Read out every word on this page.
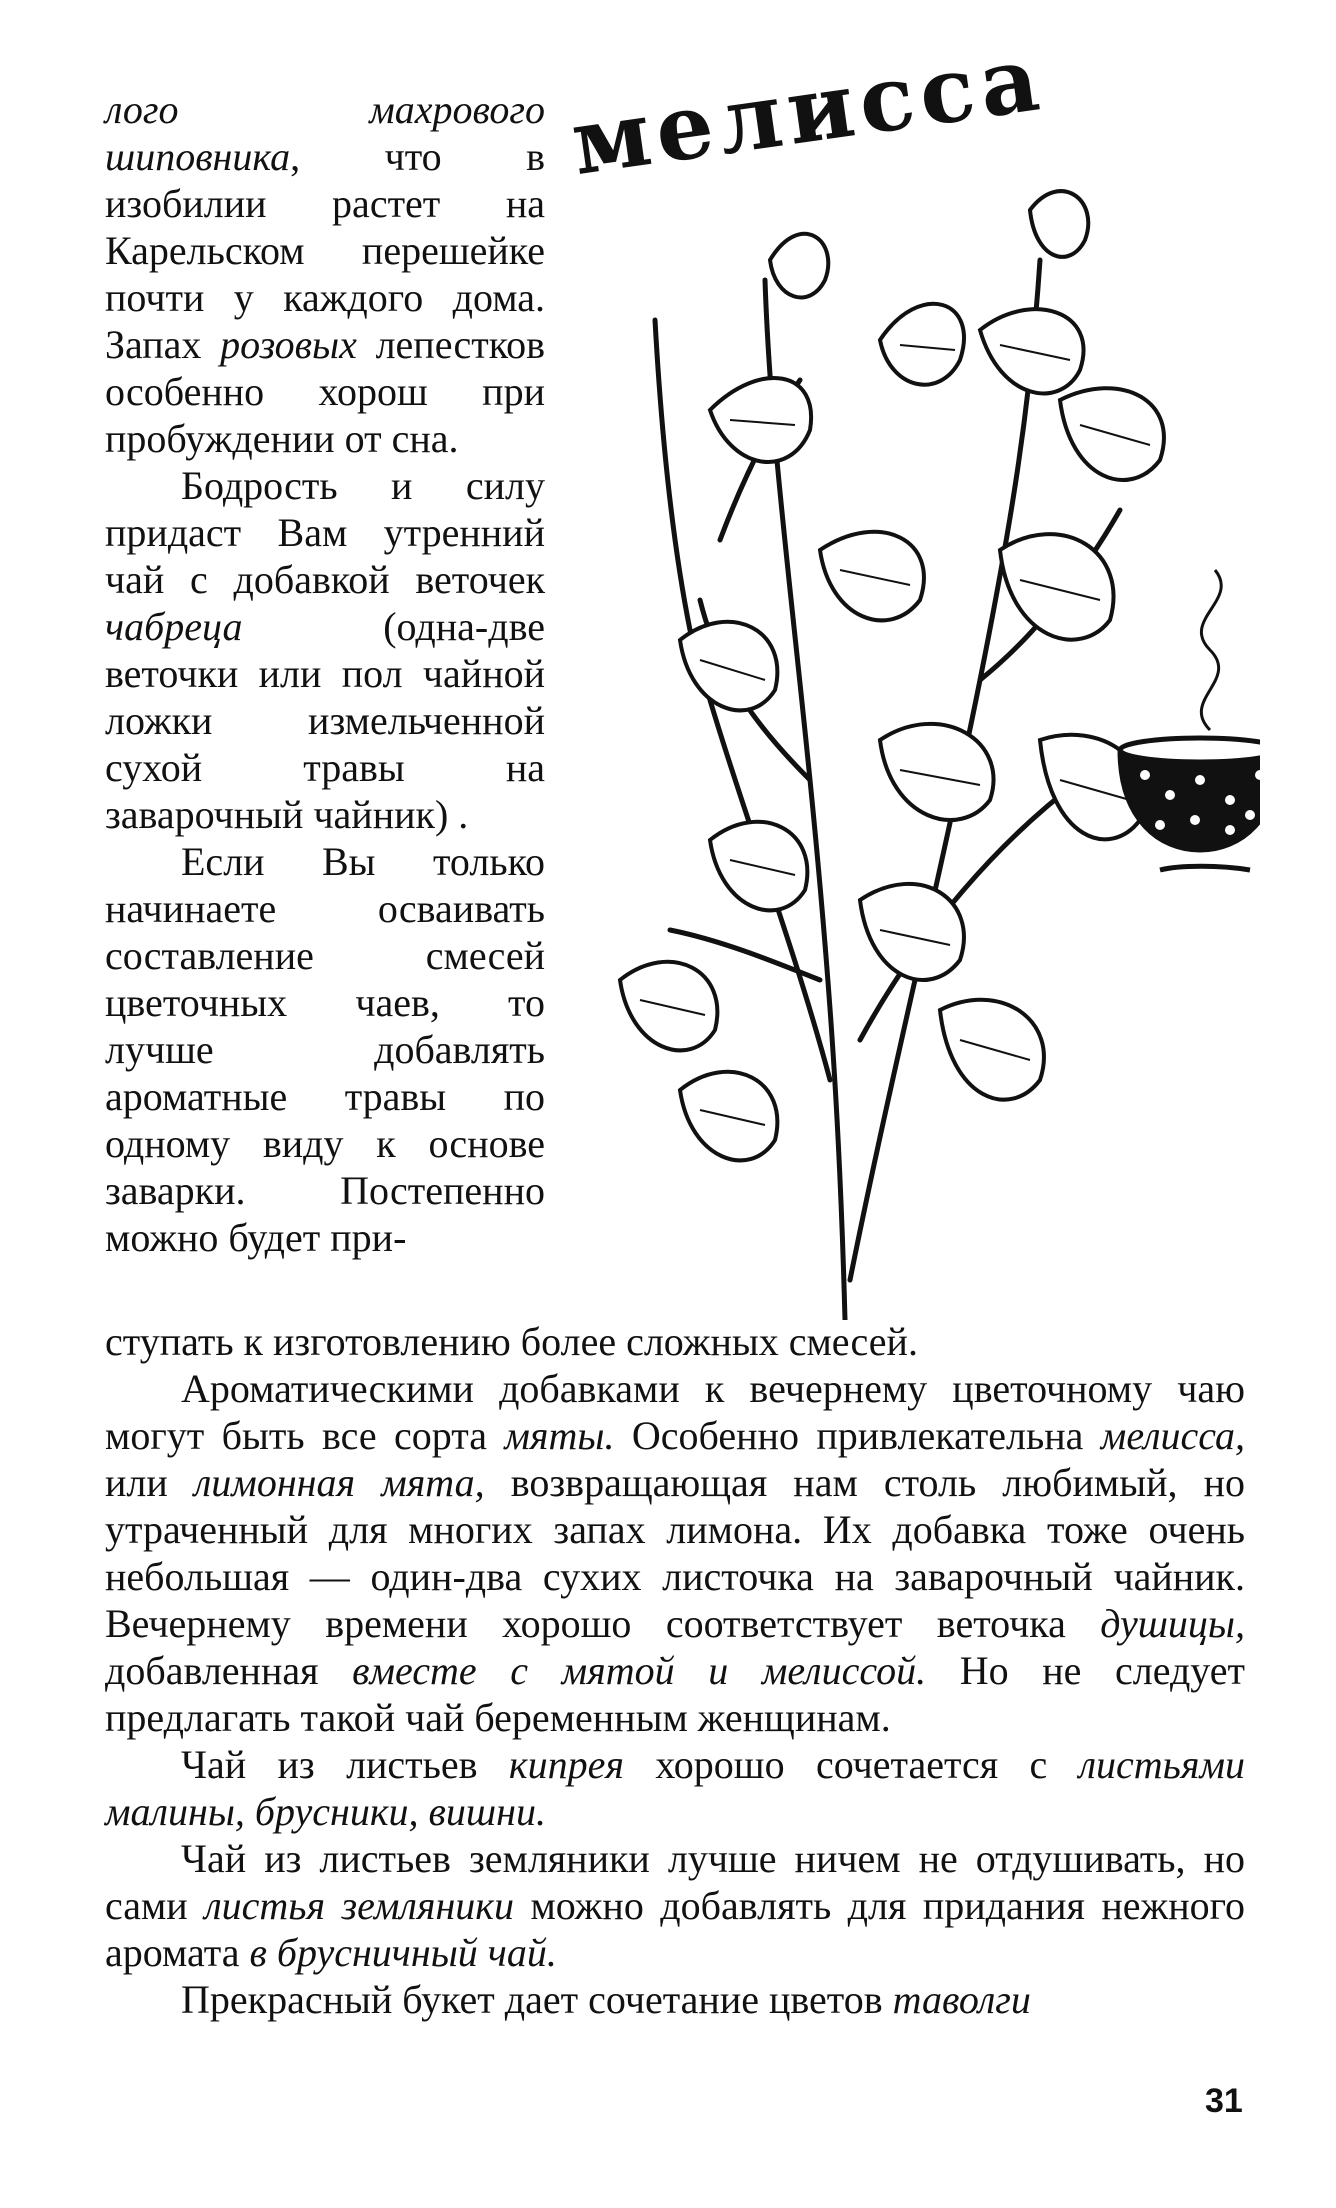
лого махрового шиповника, что в изобилии растет на Карельском перешейке почти у каждого дома. Запах розовых лепестков особенно хорош при пробуждении от сна.

Бодрость и силу придаст Вам утренний чай с добавкой веточек чабреца (одна-две веточки или пол чайной ложки измельченной сухой травы на заварочный чайник) .

Если Вы только начинаете осваивать составление смесей цветочных чаев, то лучше добавлять ароматные травы по одному виду к основе заварки. Постепенно можно будет при-

мелисса

ступать к изготовлению более сложных смесей.

Ароматическими добавками к вечернему цветочному чаю могут быть все сорта мяты. Особенно привлекательна мелисса, или лимонная мята, возвращающая нам столь любимый, но утраченный для многих запах лимона. Их добавка тоже очень небольшая — один-два сухих листочка на заварочный чайник. Вечернему времени хорошо соответствует веточка душицы, добавленная вместе с мятой и мелиссой. Но не следует предлагать такой чай беременным женщинам.

Чай из листьев кипрея хорошо сочетается с листьями малины, брусники, вишни.

Чай из листьев земляники лучше ничем не отдушивать, но сами листья земляники можно добавлять для придания нежного аромата в брусничный чай.

Прекрасный букет дает сочетание цветов таволги

31
